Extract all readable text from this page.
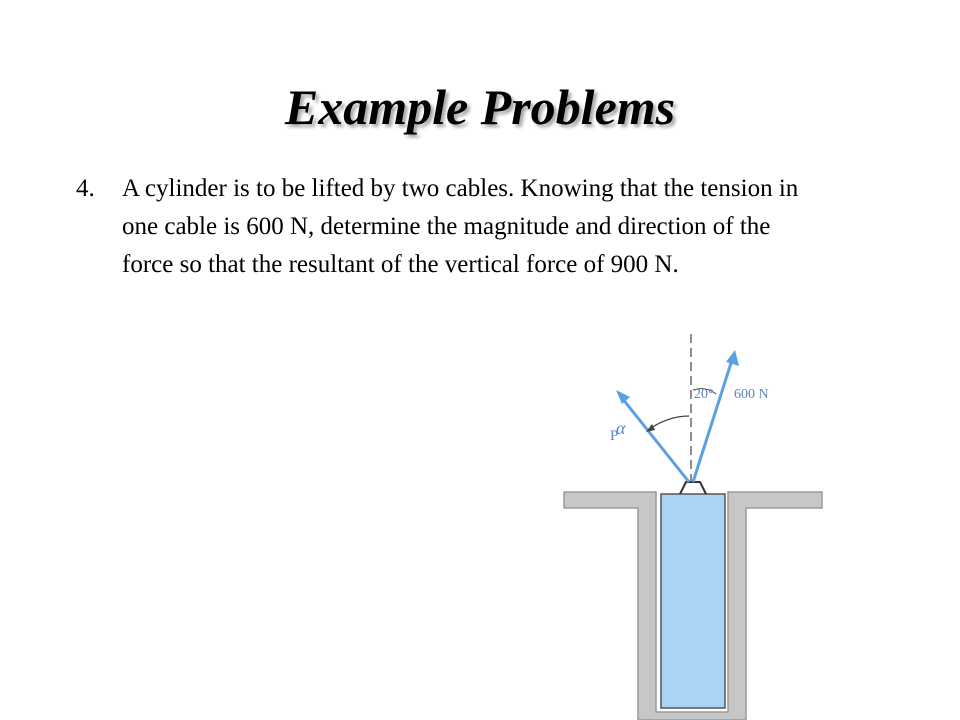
Example Problems
4. A cylinder is to be lifted by two cables. Knowing that the tension in one cable is 600 N, determine the magnitude and direction of the force so that the resultant of the vertical force of 900 N.
α
P
20° 600 N
